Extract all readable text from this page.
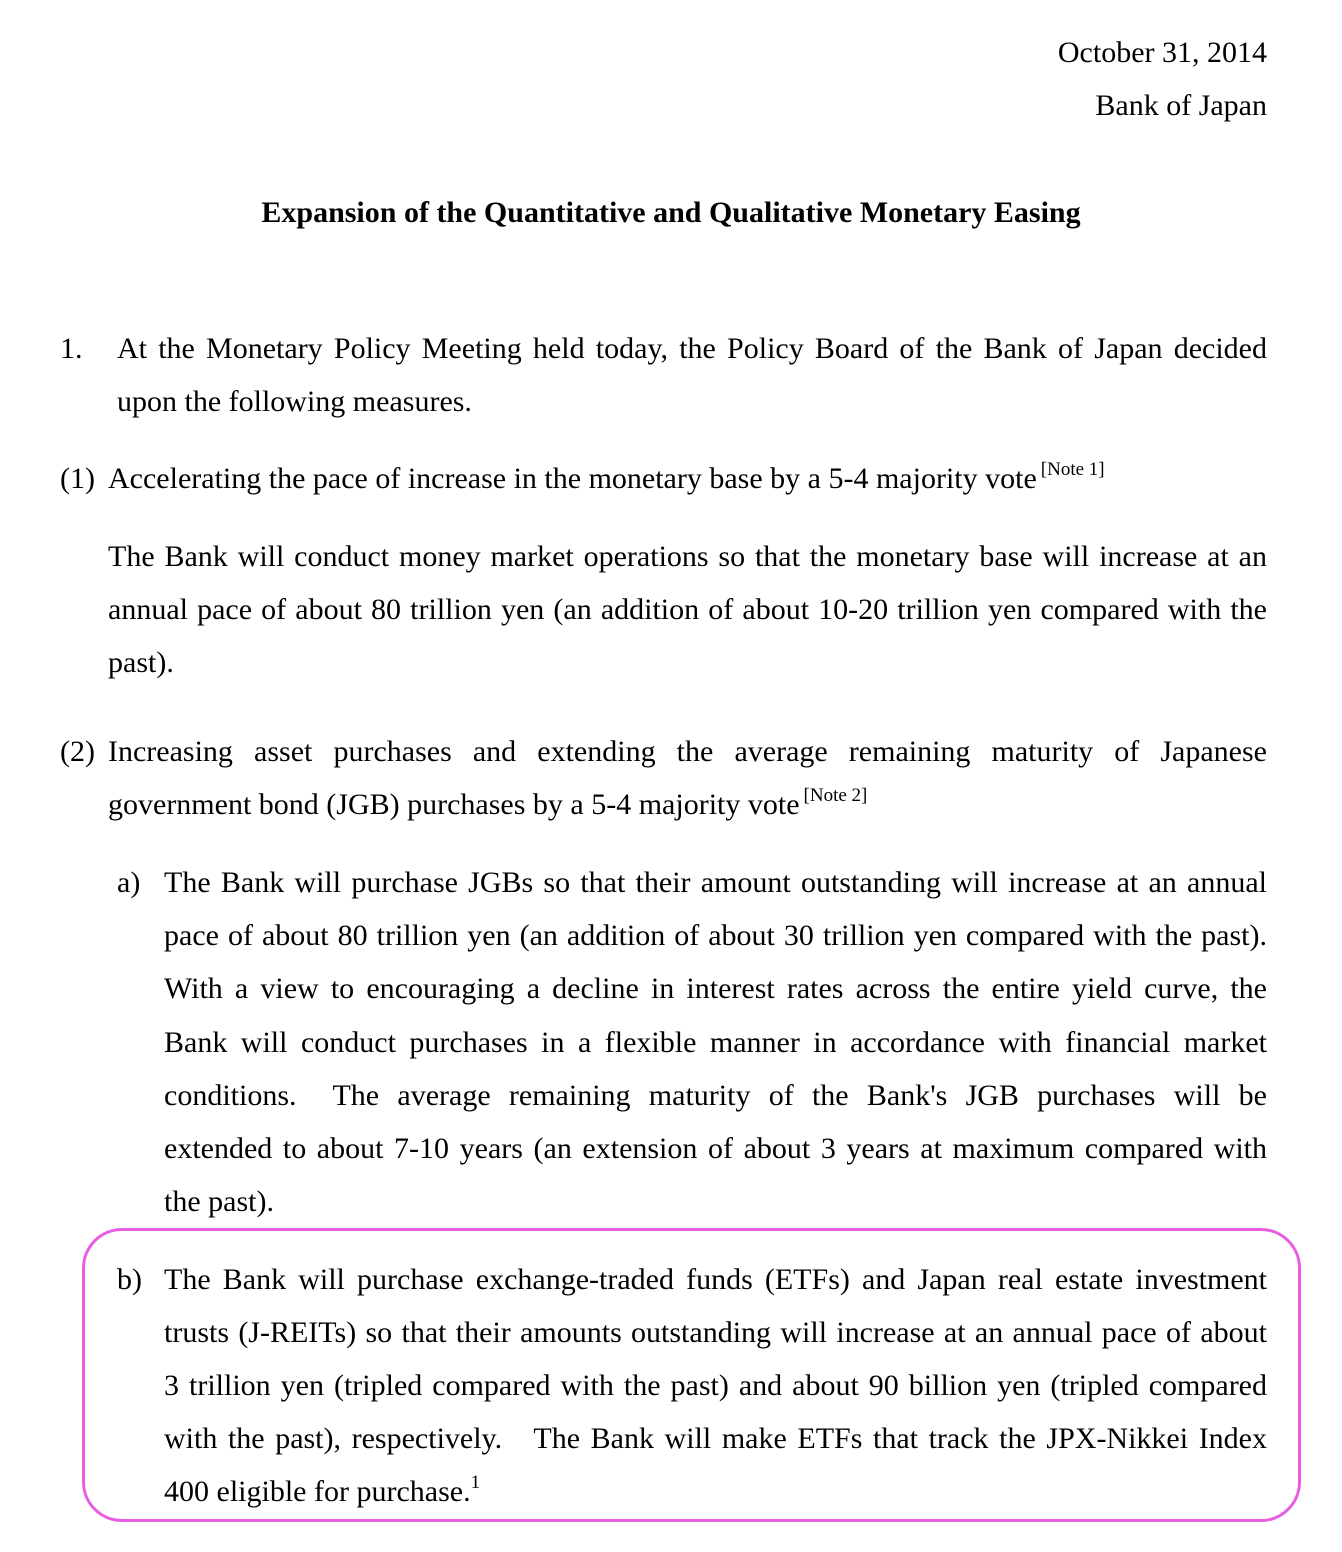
October 31, 2014
Bank of Japan
Expansion of the Quantitative and Qualitative Monetary Easing
1. At the Monetary Policy Meeting held today, the Policy Board of the Bank of Japan decided
upon the following measures.
(1) Accelerating the pace of increase in the monetary base by a 5-4 majority vote [Note 1]
The Bank will conduct money market operations so that the monetary base will increase at an
annual pace of about 80 trillion yen (an addition of about 10-20 trillion yen compared with the
past).
(2) Increasing asset purchases and extending the average remaining maturity of Japanese
government bond (JGB) purchases by a 5-4 majority vote [Note 2]
a) The Bank will purchase JGBs so that their amount outstanding will increase at an annual
pace of about 80 trillion yen (an addition of about 30 trillion yen compared with the past).
With a view to encouraging a decline in interest rates across the entire yield curve, the
Bank will conduct purchases in a flexible manner in accordance with financial market
conditions.  The average remaining maturity of the Bank's JGB purchases will be
extended to about 7-10 years (an extension of about 3 years at maximum compared with
the past).
b) The Bank will purchase exchange-traded funds (ETFs) and Japan real estate investment
trusts (J-REITs) so that their amounts outstanding will increase at an annual pace of about
3 trillion yen (tripled compared with the past) and about 90 billion yen (tripled compared
with the past), respectively.   The Bank will make ETFs that track the JPX-Nikkei Index
400 eligible for purchase.$^1$
